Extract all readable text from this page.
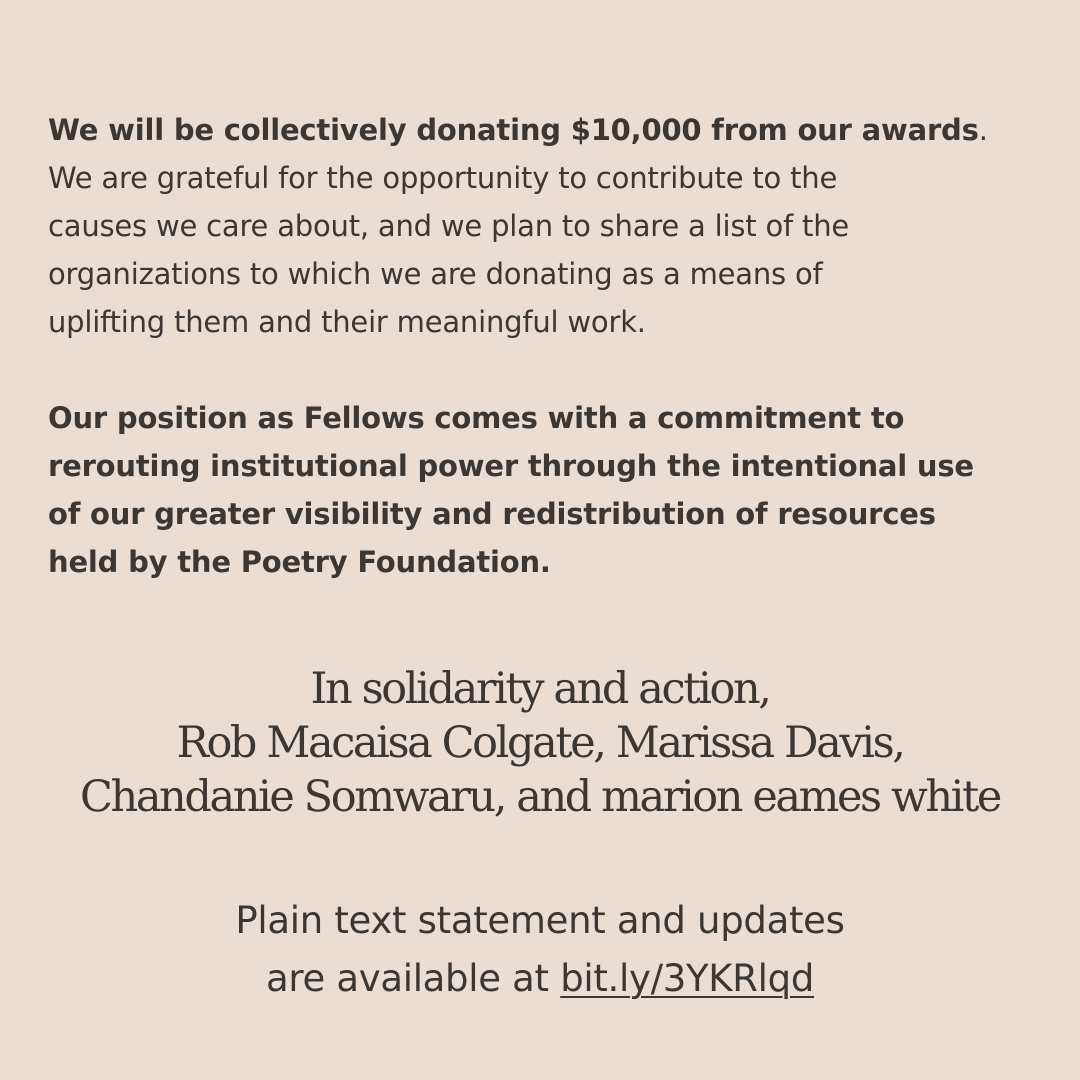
We will be collectively donating $10,000 from our awards.
We are grateful for the opportunity to contribute to the
causes we care about, and we plan to share a list of the
organizations to which we are donating as a means of
uplifting them and their meaningful work.

Our position as Fellows comes with a commitment to
rerouting institutional power through the intentional use
of our greater visibility and redistribution of resources
held by the Poetry Foundation.

In solidarity and action,
Rob Macaisa Colgate, Marissa Davis,
Chandanie Somwaru, and marion eames white

Plain text statement and updates
are available at bit.ly/3YKRlqd
